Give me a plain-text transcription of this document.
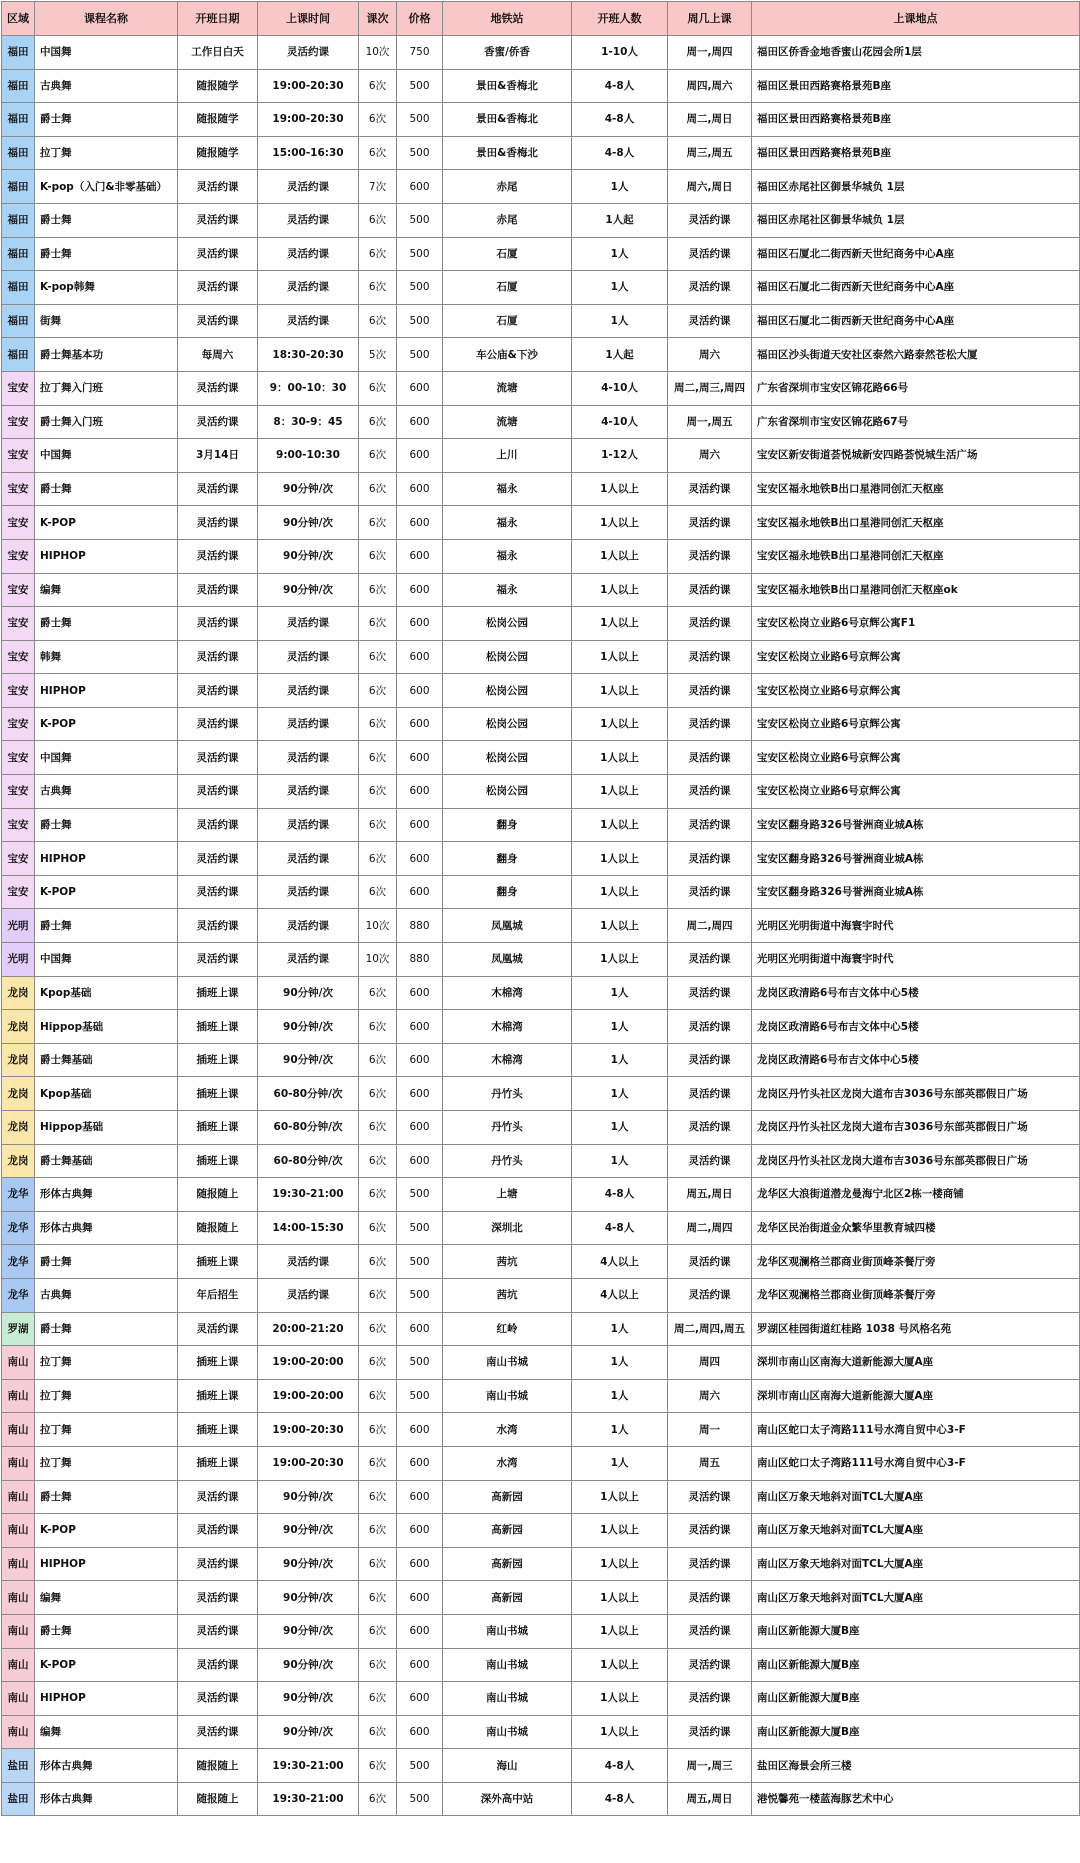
区域	课程名称	开班日期	上课时间	课次	价格	地铁站	开班人数	周几上课	上课地点
福田	中国舞	工作日白天	灵活约课	10次	750	香蜜/侨香	1-10人	周一,周四	福田区侨香金地香蜜山花园会所1层
福田	古典舞	随报随学	19:00-20:30	6次	500	景田&香梅北	4-8人	周四,周六	福田区景田西路赛格景苑B座
福田	爵士舞	随报随学	19:00-20:30	6次	500	景田&香梅北	4-8人	周二,周日	福田区景田西路赛格景苑B座
福田	拉丁舞	随报随学	15:00-16:30	6次	500	景田&香梅北	4-8人	周三,周五	福田区景田西路赛格景苑B座
福田	K-pop（入门&非零基础）	灵活约课	灵活约课	7次	600	赤尾	1人	周六,周日	福田区赤尾社区御景华城负 1层
福田	爵士舞	灵活约课	灵活约课	6次	500	赤尾	1人起	灵活约课	福田区赤尾社区御景华城负 1层
福田	爵士舞	灵活约课	灵活约课	6次	500	石厦	1人	灵活约课	福田区石厦北二街西新天世纪商务中心A座
福田	K-pop韩舞	灵活约课	灵活约课	6次	500	石厦	1人	灵活约课	福田区石厦北二街西新天世纪商务中心A座
福田	街舞	灵活约课	灵活约课	6次	500	石厦	1人	灵活约课	福田区石厦北二街西新天世纪商务中心A座
福田	爵士舞基本功	每周六	18:30-20:30	5次	500	车公庙&下沙	1人起	周六	福田区沙头街道天安社区泰然六路泰然苍松大厦
宝安	拉丁舞入门班	灵活约课	9：00-10：30	6次	600	流塘	4-10人	周二,周三,周四	广东省深圳市宝安区锦花路66号
宝安	爵士舞入门班	灵活约课	8：30-9：45	6次	600	流塘	4-10人	周一,周五	广东省深圳市宝安区锦花路67号
宝安	中国舞	3月14日	9:00-10:30	6次	600	上川	1-12人	周六	宝安区新安街道荟悦城新安四路荟悦城生活广场
宝安	爵士舞	灵活约课	90分钟/次	6次	600	福永	1人以上	灵活约课	宝安区福永地铁B出口星港同创汇天枢座
宝安	K-POP	灵活约课	90分钟/次	6次	600	福永	1人以上	灵活约课	宝安区福永地铁B出口星港同创汇天枢座
宝安	HIPHOP	灵活约课	90分钟/次	6次	600	福永	1人以上	灵活约课	宝安区福永地铁B出口星港同创汇天枢座
宝安	编舞	灵活约课	90分钟/次	6次	600	福永	1人以上	灵活约课	宝安区福永地铁B出口星港同创汇天枢座ok
宝安	爵士舞	灵活约课	灵活约课	6次	600	松岗公园	1人以上	灵活约课	宝安区松岗立业路6号京辉公寓F1
宝安	韩舞	灵活约课	灵活约课	6次	600	松岗公园	1人以上	灵活约课	宝安区松岗立业路6号京辉公寓
宝安	HIPHOP	灵活约课	灵活约课	6次	600	松岗公园	1人以上	灵活约课	宝安区松岗立业路6号京辉公寓
宝安	K-POP	灵活约课	灵活约课	6次	600	松岗公园	1人以上	灵活约课	宝安区松岗立业路6号京辉公寓
宝安	中国舞	灵活约课	灵活约课	6次	600	松岗公园	1人以上	灵活约课	宝安区松岗立业路6号京辉公寓
宝安	古典舞	灵活约课	灵活约课	6次	600	松岗公园	1人以上	灵活约课	宝安区松岗立业路6号京辉公寓
宝安	爵士舞	灵活约课	灵活约课	6次	600	翻身	1人以上	灵活约课	宝安区翻身路326号誉洲商业城A栋
宝安	HIPHOP	灵活约课	灵活约课	6次	600	翻身	1人以上	灵活约课	宝安区翻身路326号誉洲商业城A栋
宝安	K-POP	灵活约课	灵活约课	6次	600	翻身	1人以上	灵活约课	宝安区翻身路326号誉洲商业城A栋
光明	爵士舞	灵活约课	灵活约课	10次	880	凤凰城	1人以上	周二,周四	光明区光明街道中海寰宇时代
光明	中国舞	灵活约课	灵活约课	10次	880	凤凰城	1人以上	灵活约课	光明区光明街道中海寰宇时代
龙岗	Kpop基础	插班上课	90分钟/次	6次	600	木棉湾	1人	灵活约课	龙岗区政清路6号布吉文体中心5楼
龙岗	Hippop基础	插班上课	90分钟/次	6次	600	木棉湾	1人	灵活约课	龙岗区政清路6号布吉文体中心5楼
龙岗	爵士舞基础	插班上课	90分钟/次	6次	600	木棉湾	1人	灵活约课	龙岗区政清路6号布吉文体中心5楼
龙岗	Kpop基础	插班上课	60-80分钟/次	6次	600	丹竹头	1人	灵活约课	龙岗区丹竹头社区龙岗大道布吉3036号东部英郡假日广场
龙岗	Hippop基础	插班上课	60-80分钟/次	6次	600	丹竹头	1人	灵活约课	龙岗区丹竹头社区龙岗大道布吉3036号东部英郡假日广场
龙岗	爵士舞基础	插班上课	60-80分钟/次	6次	600	丹竹头	1人	灵活约课	龙岗区丹竹头社区龙岗大道布吉3036号东部英郡假日广场
龙华	形体古典舞	随报随上	19:30-21:00	6次	500	上塘	4-8人	周五,周日	龙华区大浪街道潜龙曼海宁北区2栋一楼商铺
龙华	形体古典舞	随报随上	14:00-15:30	6次	500	深圳北	4-8人	周二,周四	龙华区民治街道金众繁华里教育城四楼
龙华	爵士舞	插班上课	灵活约课	6次	500	茜坑	4人以上	灵活约课	龙华区观澜格兰郡商业街顶峰茶餐厅旁
龙华	古典舞	年后招生	灵活约课	6次	500	茜坑	4人以上	灵活约课	龙华区观澜格兰郡商业街顶峰茶餐厅旁
罗湖	爵士舞	灵活约课	20:00-21:20	6次	600	红岭	1人	周二,周四,周五	罗湖区桂园街道红桂路 1038 号风格名苑
南山	拉丁舞	插班上课	19:00-20:00	6次	500	南山书城	1人	周四	深圳市南山区南海大道新能源大厦A座
南山	拉丁舞	插班上课	19:00-20:00	6次	500	南山书城	1人	周六	深圳市南山区南海大道新能源大厦A座
南山	拉丁舞	插班上课	19:00-20:30	6次	600	水湾	1人	周一	南山区蛇口太子湾路111号水湾自贸中心3-F
南山	拉丁舞	插班上课	19:00-20:30	6次	600	水湾	1人	周五	南山区蛇口太子湾路111号水湾自贸中心3-F
南山	爵士舞	灵活约课	90分钟/次	6次	600	高新园	1人以上	灵活约课	南山区万象天地斜对面TCL大厦A座
南山	K-POP	灵活约课	90分钟/次	6次	600	高新园	1人以上	灵活约课	南山区万象天地斜对面TCL大厦A座
南山	HIPHOP	灵活约课	90分钟/次	6次	600	高新园	1人以上	灵活约课	南山区万象天地斜对面TCL大厦A座
南山	编舞	灵活约课	90分钟/次	6次	600	高新园	1人以上	灵活约课	南山区万象天地斜对面TCL大厦A座
南山	爵士舞	灵活约课	90分钟/次	6次	600	南山书城	1人以上	灵活约课	南山区新能源大厦B座
南山	K-POP	灵活约课	90分钟/次	6次	600	南山书城	1人以上	灵活约课	南山区新能源大厦B座
南山	HIPHOP	灵活约课	90分钟/次	6次	600	南山书城	1人以上	灵活约课	南山区新能源大厦B座
南山	编舞	灵活约课	90分钟/次	6次	600	南山书城	1人以上	灵活约课	南山区新能源大厦B座
盐田	形体古典舞	随报随上	19:30-21:00	6次	500	海山	4-8人	周一,周三	盐田区海景会所三楼
盐田	形体古典舞	随报随上	19:30-21:00	6次	500	深外高中站	4-8人	周五,周日	港悦馨苑一楼蓝海豚艺术中心
